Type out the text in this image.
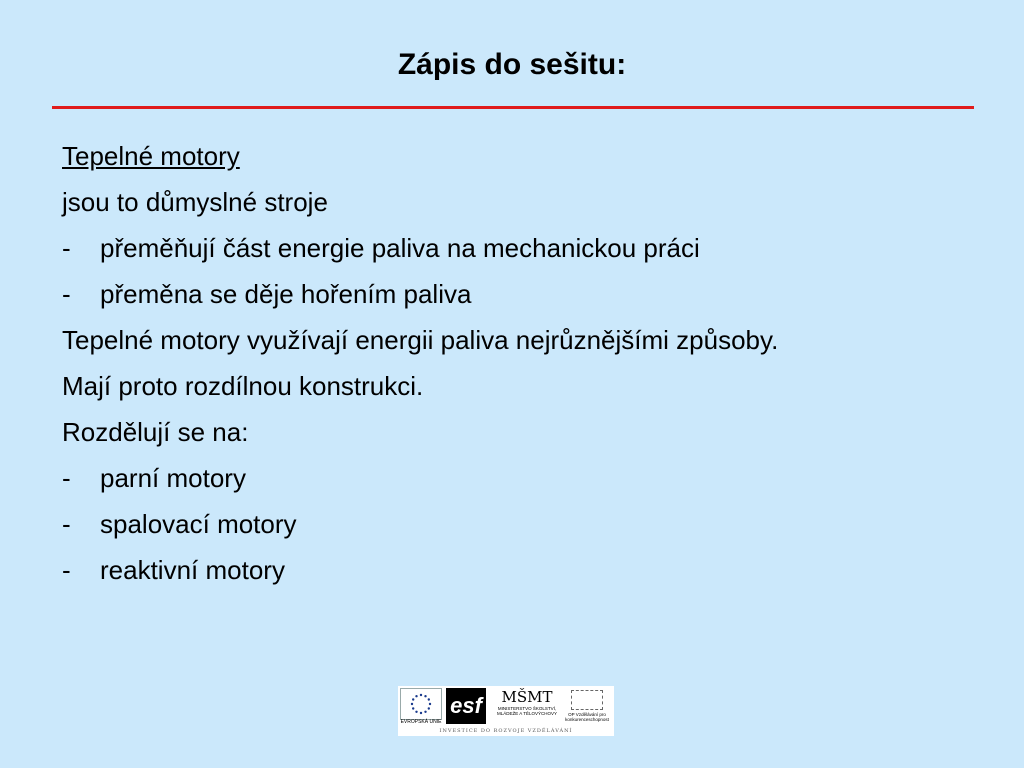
Zápis do sešitu:
Tepelné motory
jsou to důmyslné stroje
- přeměňují část energie paliva na mechanickou práci
- přeměna se děje hořením paliva
Tepelné motory využívají energii paliva nejrůznějšími způsoby.
Mají proto rozdílnou konstrukci.
Rozdělují se na:
- parní motory
- spalovací motory
- reaktivní motory
EVROPSKÁ UNIE
esf	MŠMT
MINISTERSTVO ŠKOLSTVÍ, MLÁDEŽE A TĚLOVÝCHOVY	OP Vzdělávání pro konkurenceschopnost
INVESTICE DO ROZVOJE VZDĚLÁVÁNÍ
